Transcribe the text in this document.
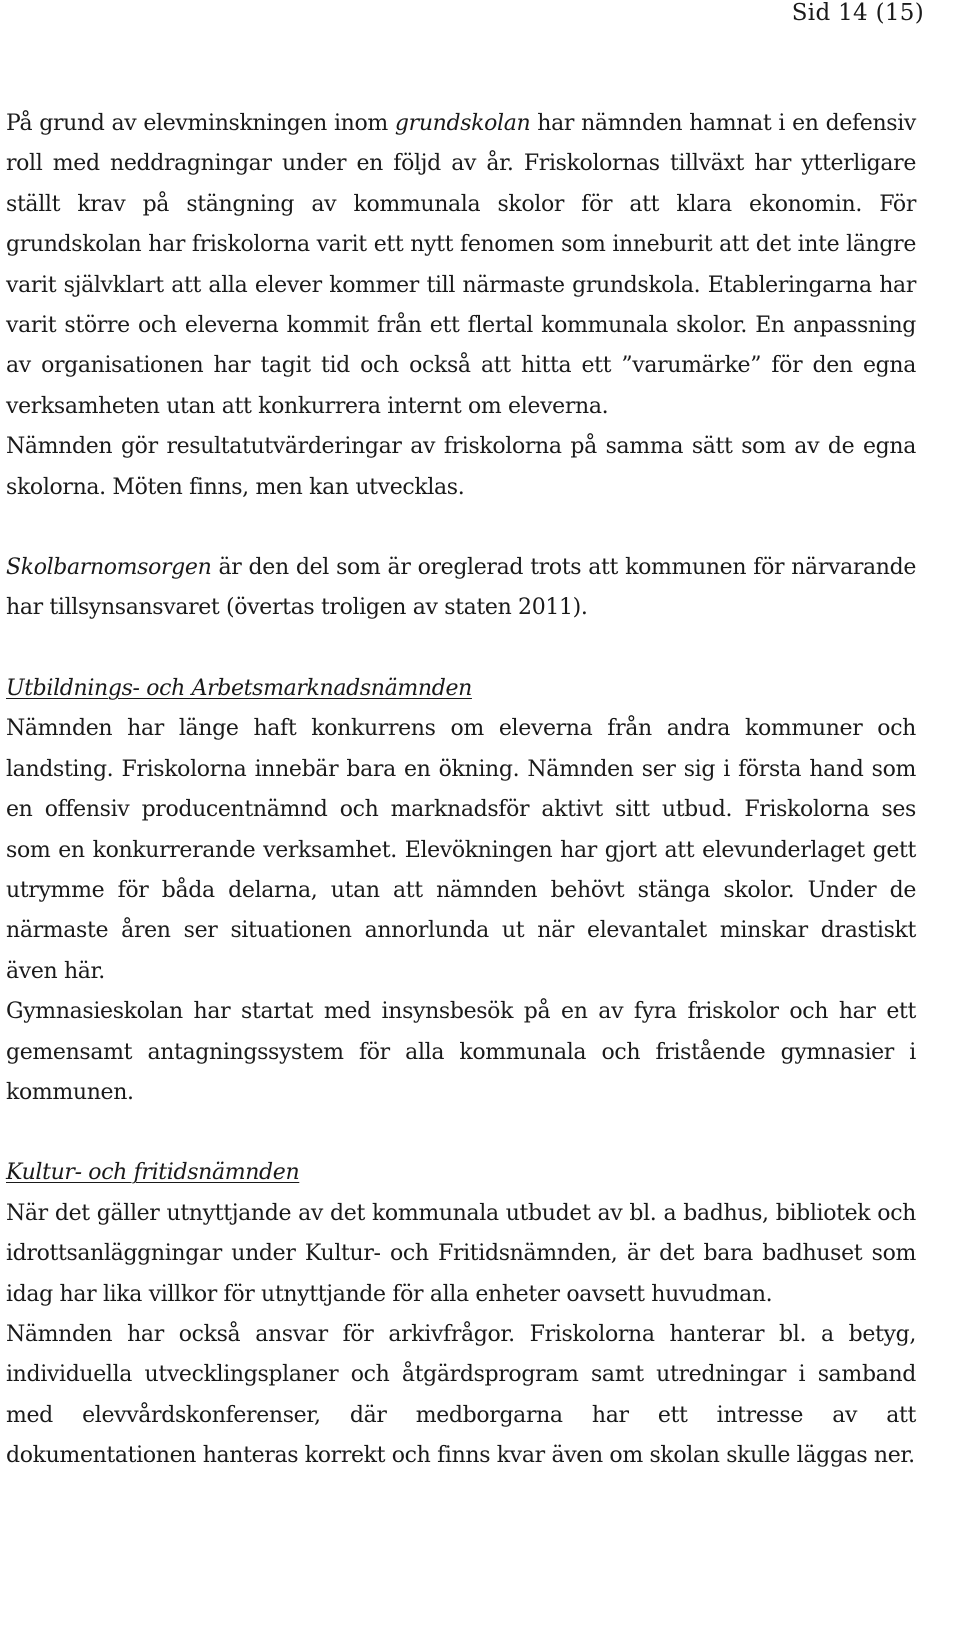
Sid 14 (15)

På grund av elevminskningen inom grundskolan har nämnden hamnat i en defensiv roll med neddragningar under en följd av år. Friskolornas tillväxt har ytterligare ställt krav på stängning av kommunala skolor för att klara ekonomin. För grundskolan har friskolorna varit ett nytt fenomen som inneburit att det inte längre varit självklart att alla elever kommer till närmaste grundskola. Etableringarna har varit större och eleverna kommit från ett flertal kommunala skolor. En anpassning av organisationen har tagit tid och också att hitta ett ”varumärke” för den egna verksamheten utan att konkurrera internt om eleverna.

Nämnden gör resultatutvärderingar av friskolorna på samma sätt som av de egna skolorna. Möten finns, men kan utvecklas.

Skolbarnomsorgen är den del som är oreglerad trots att kommunen för närvarande har tillsynsansvaret (övertas troligen av staten 2011).

Utbildnings- och Arbetsmarknadsnämnden

Nämnden har länge haft konkurrens om eleverna från andra kommuner och landsting. Friskolorna innebär bara en ökning. Nämnden ser sig i första hand som en offensiv producentnämnd och marknadsför aktivt sitt utbud. Friskolorna ses som en konkurrerande verksamhet. Elevökningen har gjort att elevunderlaget gett utrymme för båda delarna, utan att nämnden behövt stänga skolor. Under de närmaste åren ser situationen annorlunda ut när elevantalet minskar drastiskt även här.

Gymnasieskolan har startat med insynsbesök på en av fyra friskolor och har ett gemensamt antagningssystem för alla kommunala och fristående gymnasier i kommunen.

Kultur- och fritidsnämnden

När det gäller utnyttjande av det kommunala utbudet av bl. a badhus, bibliotek och idrottsanläggningar under Kultur- och Fritidsnämnden, är det bara badhuset som idag har lika villkor för utnyttjande för alla enheter oavsett huvudman.

Nämnden har också ansvar för arkivfrågor. Friskolorna hanterar bl. a betyg, individuella utvecklingsplaner och åtgärdsprogram samt utredningar i samband med elevvårdskonferenser, där medborgarna har ett intresse av att dokumentationen hanteras korrekt och finns kvar även om skolan skulle läggas ner.
